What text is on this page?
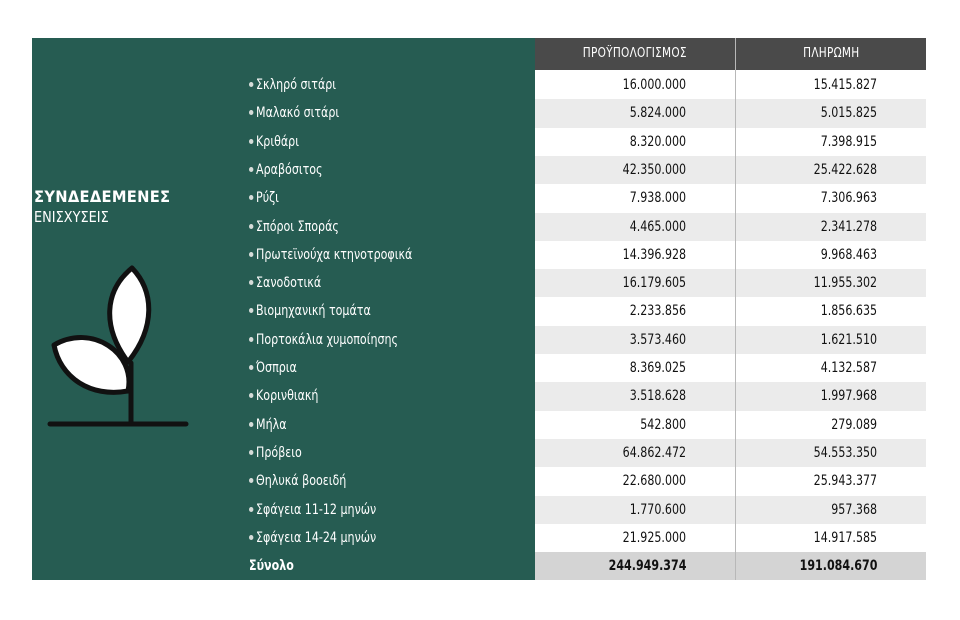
ΣΥΝΔΕΔΕΜΕΝΕΣ
ΕΝΙΣΧΥΣΕΙΣ
ΠΡΟΫΠΟΛΟΓΙΣΜΟΣ	ΠΛΗΡΩΜΗ
Σκληρό σιτάρι	16.000.000	15.415.827
Μαλακό σιτάρι	5.824.000	5.015.825
Κριθάρι	8.320.000	7.398.915
Αραβόσιτος	42.350.000	25.422.628
Ρύζι	7.938.000	7.306.963
Σπόροι Σποράς	4.465.000	2.341.278
Πρωτεϊνούχα κτηνοτροφικά	14.396.928	9.968.463
Σανοδοτικά	16.179.605	11.955.302
Βιομηχανική τομάτα	2.233.856	1.856.635
Πορτοκάλια χυμοποίησης	3.573.460	1.621.510
Όσπρια	8.369.025	4.132.587
Κορινθιακή	3.518.628	1.997.968
Μήλα	542.800	279.089
Πρόβειο	64.862.472	54.553.350
Θηλυκά βοοειδή	22.680.000	25.943.377
Σφάγεια 11-12 μηνών	1.770.600	957.368
Σφάγεια 14-24 μηνών	21.925.000	14.917.585
Σύνολο	244.949.374	191.084.670
